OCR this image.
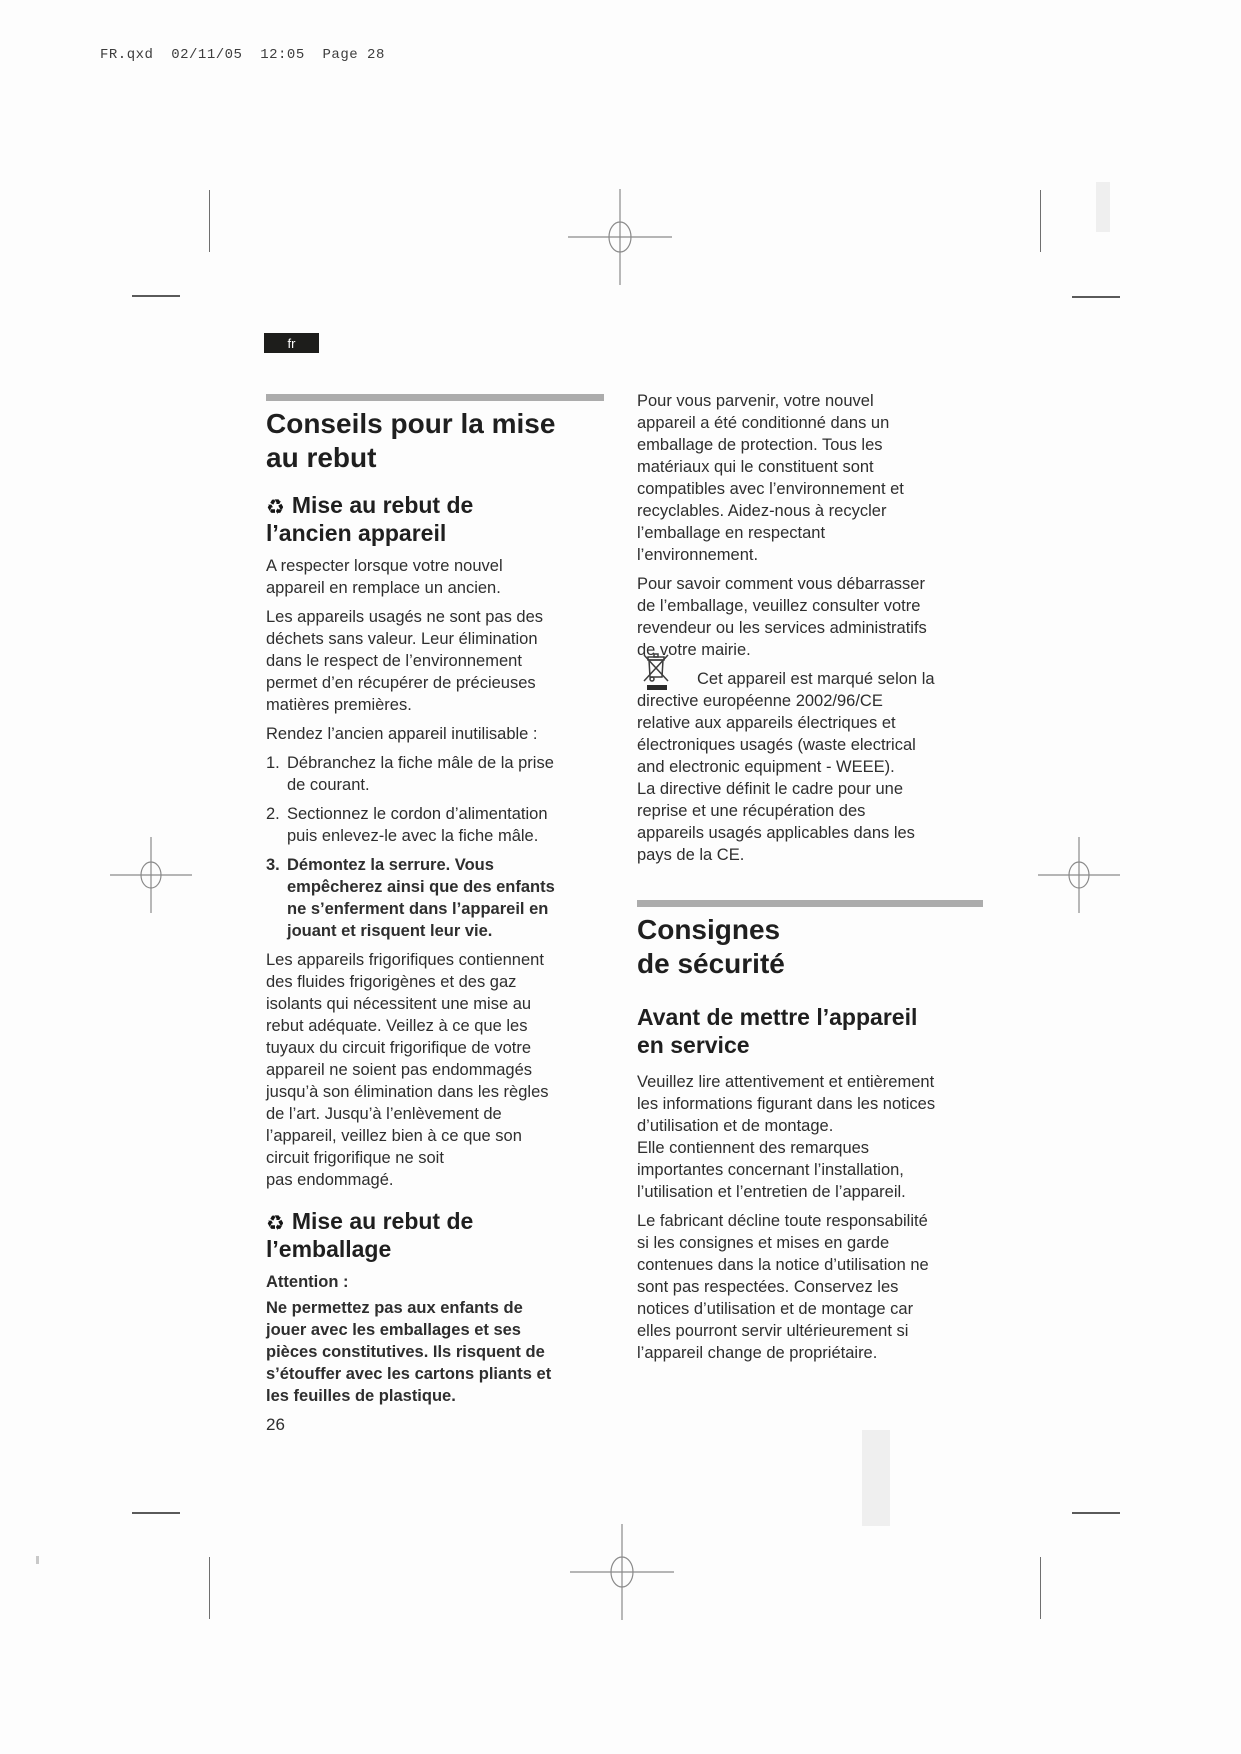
FR.qxd  02/11/05  12:05  Page 28
fr
Conseils pour la mise
au rebut
♻ Mise au rebut de
l’ancien appareil
A respecter lorsque votre nouvel
appareil en remplace un ancien.
Les appareils usagés ne sont pas des
déchets sans valeur. Leur élimination
dans le respect de l’environnement
permet d’en récupérer de précieuses
matières premières.
Rendez l’ancien appareil inutilisable :
1. Débranchez la fiche mâle de la prise
de courant.
2. Sectionnez le cordon d’alimentation
puis enlevez-le avec la fiche mâle.
3. Démontez la serrure. Vous
empêcherez ainsi que des enfants
ne s’enferment dans l’appareil en
jouant et risquent leur vie.
Les appareils frigorifiques contiennent
des fluides frigorigènes et des gaz
isolants qui nécessitent une mise au
rebut adéquate. Veillez à ce que les
tuyaux du circuit frigorifique de votre
appareil ne soient pas endommagés
jusqu’à son élimination dans les règles
de l’art. Jusqu’à l’enlèvement de
l’appareil, veillez bien à ce que son
circuit frigorifique ne soit
pas endommagé.
♻ Mise au rebut de
l’emballage
Attention :
Ne permettez pas aux enfants de
jouer avec les emballages et ses
pièces constitutives. Ils risquent de
s’étouffer avec les cartons pliants et
les feuilles de plastique.
26
Pour vous parvenir, votre nouvel
appareil a été conditionné dans un
emballage de protection. Tous les
matériaux qui le constituent sont
compatibles avec l’environnement et
recyclables. Aidez-nous à recycler
l’emballage en respectant
l’environnement.
Pour savoir comment vous débarrasser
de l’emballage, veuillez consulter votre
revendeur ou les services administratifs
de votre mairie.
Cet appareil est marqué selon la
directive européenne 2002/96/CE
relative aux appareils électriques et
électroniques usagés (waste electrical
and electronic equipment - WEEE).
La directive définit le cadre pour une
reprise et une récupération des
appareils usagés applicables dans les
pays de la CE.
Consignes
de sécurité
Avant de mettre l’appareil
en service
Veuillez lire attentivement et entièrement
les informations figurant dans les notices
d’utilisation et de montage.
Elle contiennent des remarques
importantes concernant l’installation,
l’utilisation et l’entretien de l’appareil.
Le fabricant décline toute responsabilité
si les consignes et mises en garde
contenues dans la notice d’utilisation ne
sont pas respectées. Conservez les
notices d’utilisation et de montage car
elles pourront servir ultérieurement si
l’appareil change de propriétaire.
